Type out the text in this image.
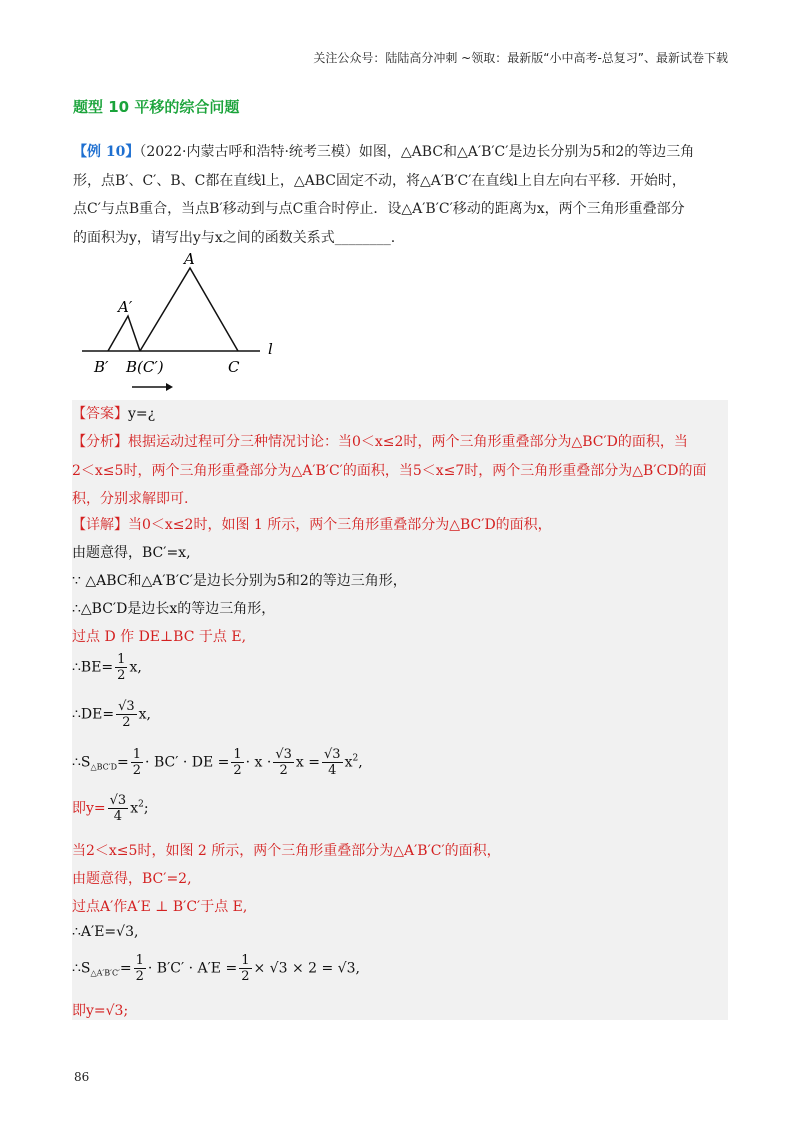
关注公众号：陆陆高分冲刺 ~领取：最新版“小中高考-总复习”、最新试卷下载
题型 10 平移的综合问题

【例 10】（2022·内蒙古呼和浩特·统考三模）如图，△ABC和△A′B′C′是边长分别为5和2的等边三角

形，点B′、C′、B、C都在直线l上，△ABC固定不动，将△A′B′C′在直线l上自左向右平移．开始时，

点C′与点B重合，当点B′移动到与点C重合时停止．设△A′B′C′移动的距离为x，两个三角形重叠部分

的面积为y，请写出y与x之间的函数关系式________.

A
A′
B′ B(C′)	C
l
【答案】y=¿
【分析】根据运动过程可分三种情况讨论：当0＜x≤2时，两个三角形重叠部分为△BC′D的面积，当
2＜x≤5时，两个三角形重叠部分为△A′B′C′的面积，当5＜x≤7时，两个三角形重叠部分为△B′CD的面
积，分别求解即可.
【详解】当0＜x≤2时，如图 1 所示，两个三角形重叠部分为△BC′D的面积，
由题意得，BC′=x,
∵ △ABC和△A′B′C′是边长分别为5和2的等边三角形，
∴△BC′D是边长x的等边三角形，
过点 D 作 DE⊥BC 于点 E,
∴BE= $\frac{1}{2} x$,
∴DE= $\frac{√3}{2} x$,
$\therefore S_{\triangle BC'D}= \frac{1}{2} \cdot BC'$ · DE = $\frac{1}{2} \cdot x \cdot \frac{√3}{2}$ $x = \frac{√3}{4} x^2$,
即$y= \frac{√3}{4} x^2$;
当2＜x≤5时，如图 2 所示，两个三角形重叠部分为△A′B′C′的面积，
由题意得，BC′=2,
过点A′作A′E ⊥ B′C′于点 E,
∴A′E=√3,
$\therefore S_{\triangle A'B'C'}= \frac{1}{2} \cdot B'C' \cdot A'E = \frac{1}{2} \times √3 \times 2 = √3$,
即y=√3;
86
